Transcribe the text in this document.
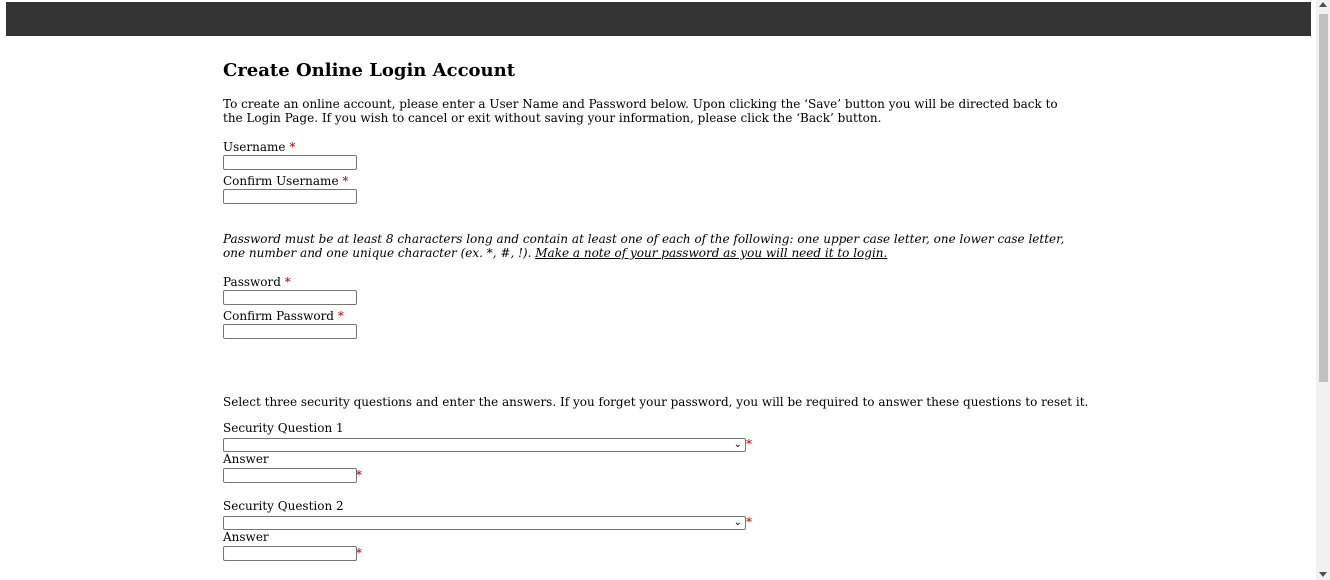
Create Online Login Account

To create an online account, please enter a User Name and Password below. Upon clicking the ‘Save’ button you will be directed back to the Login Page. If you wish to cancel or exit without saving your information, please click the ‘Back’ button.

Username *
Confirm Username *

Password must be at least 8 characters long and contain at least one of each of the following: one upper case letter, one lower case letter, one number and one unique character (ex. *, #, !). Make a note of your password as you will need it to login.

Password *
Confirm Password *

Select three security questions and enter the answers. If you forget your password, you will be required to answer these questions to reset it.

Security Question 1
⌄ *
Answer
*
Security Question 2
⌄ *
Answer
*
